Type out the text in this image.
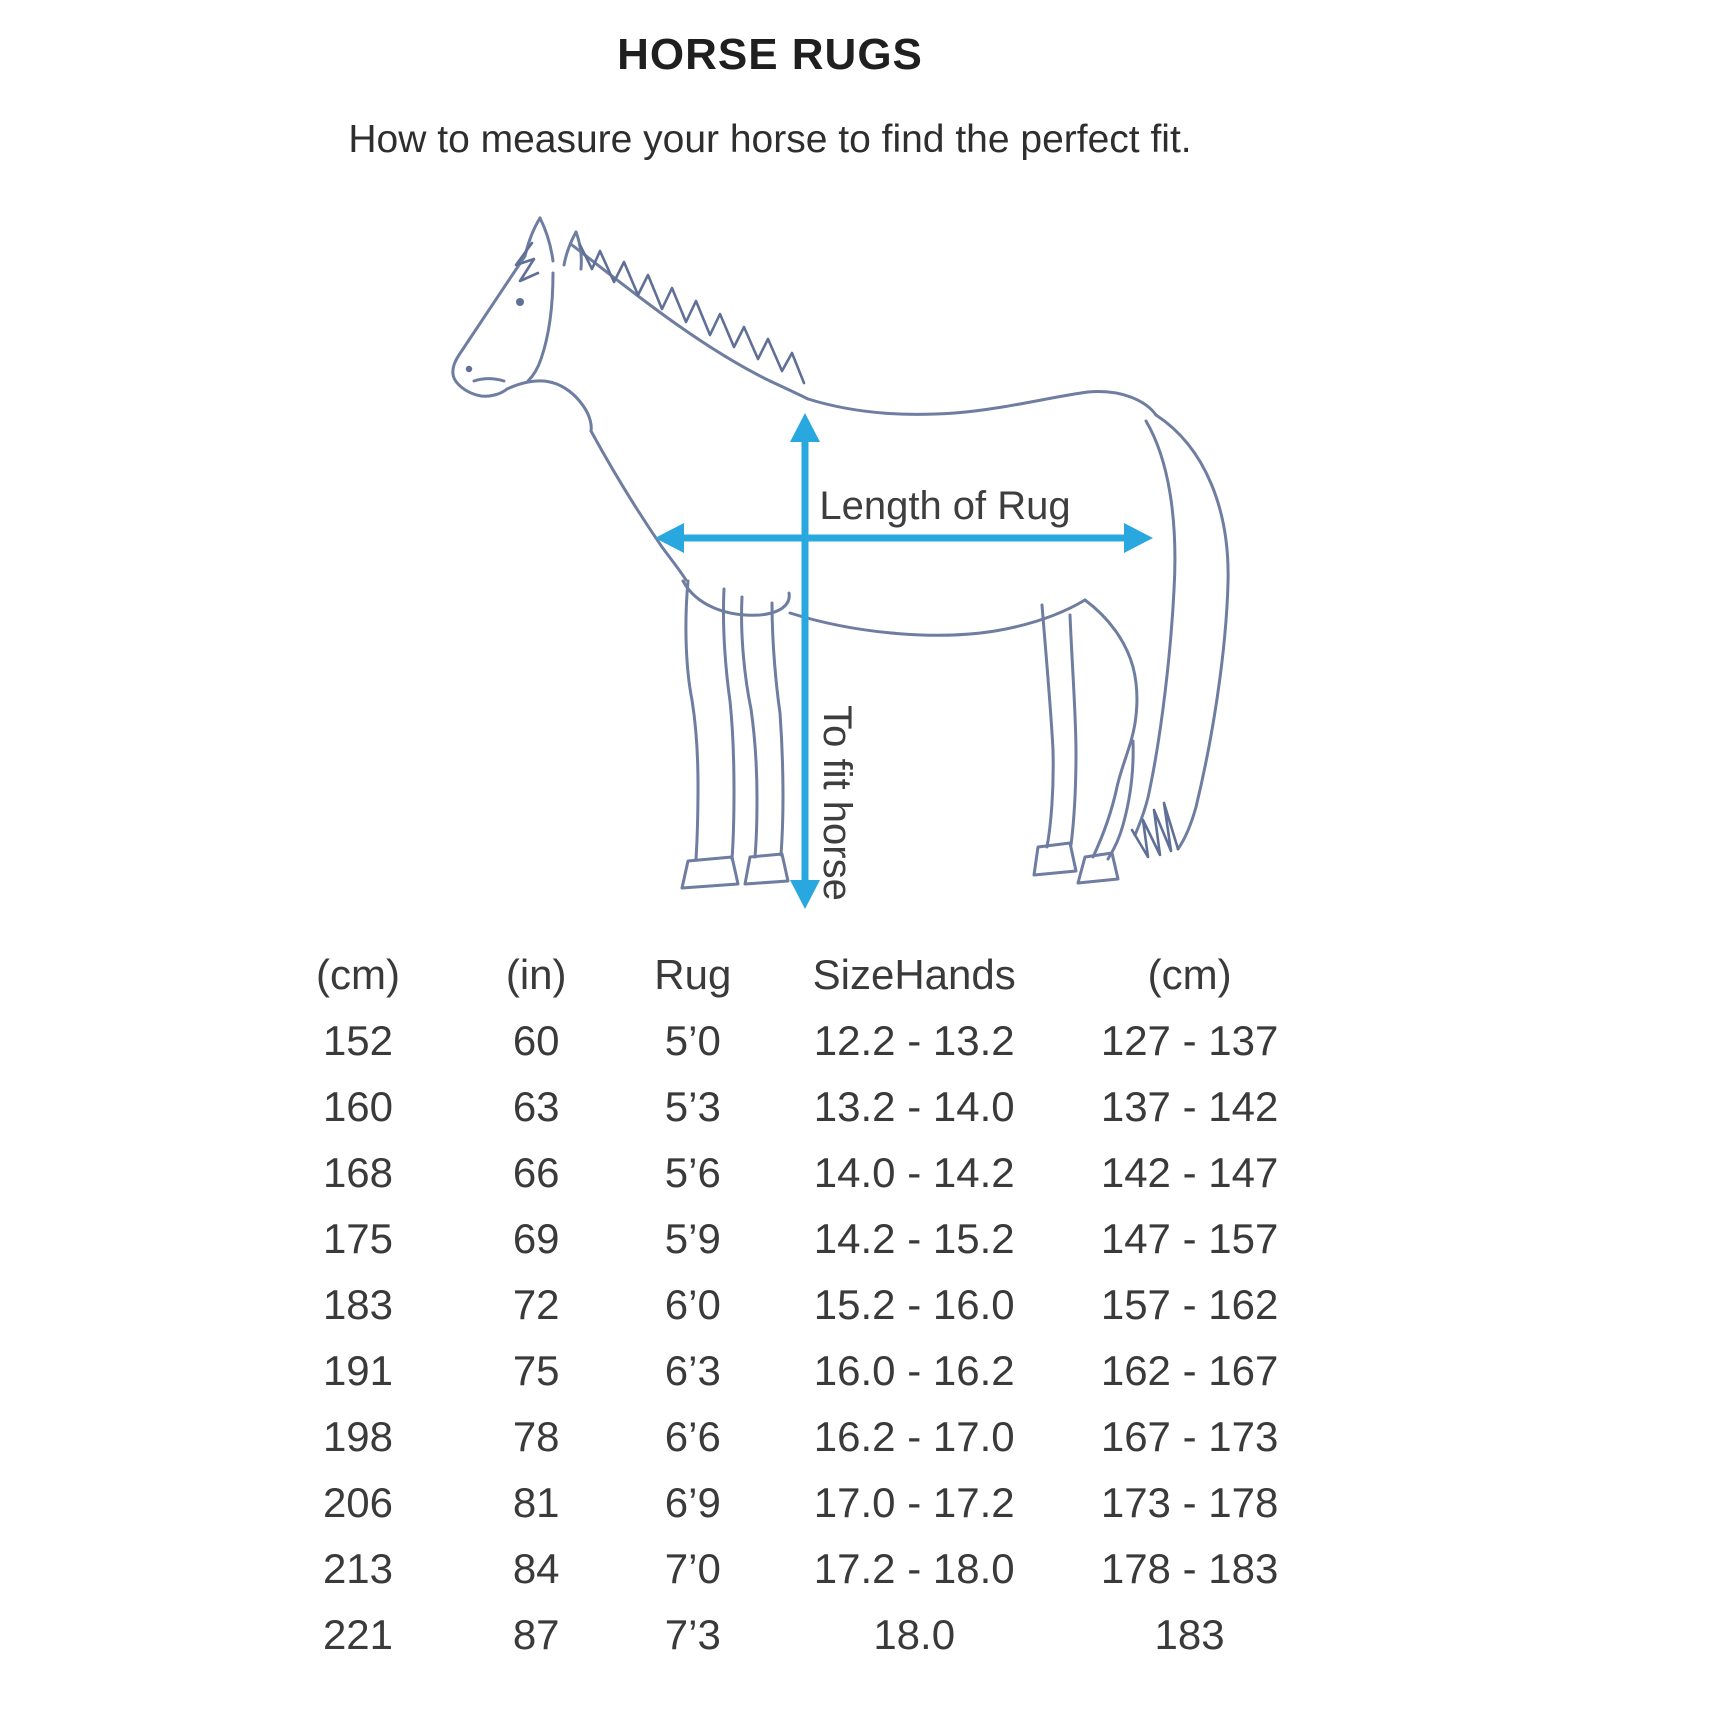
HORSE RUGS
How to measure your horse to find the perfect fit.
Length of Rug
To fit horse
(cm)	(in)	Rug	SizeHands	(cm)
152	60	5’0	12.2 - 13.2	127 - 137
160	63	5’3	13.2 - 14.0	137 - 142
168	66	5’6	14.0 - 14.2	142 - 147
175	69	5’9	14.2 - 15.2	147 - 157
183	72	6’0	15.2 - 16.0	157 - 162
191	75	6’3	16.0 - 16.2	162 - 167
198	78	6’6	16.2 - 17.0	167 - 173
206	81	6’9	17.0 - 17.2	173 - 178
213	84	7’0	17.2 - 18.0	178 - 183
221	87	7’3	18.0	183
